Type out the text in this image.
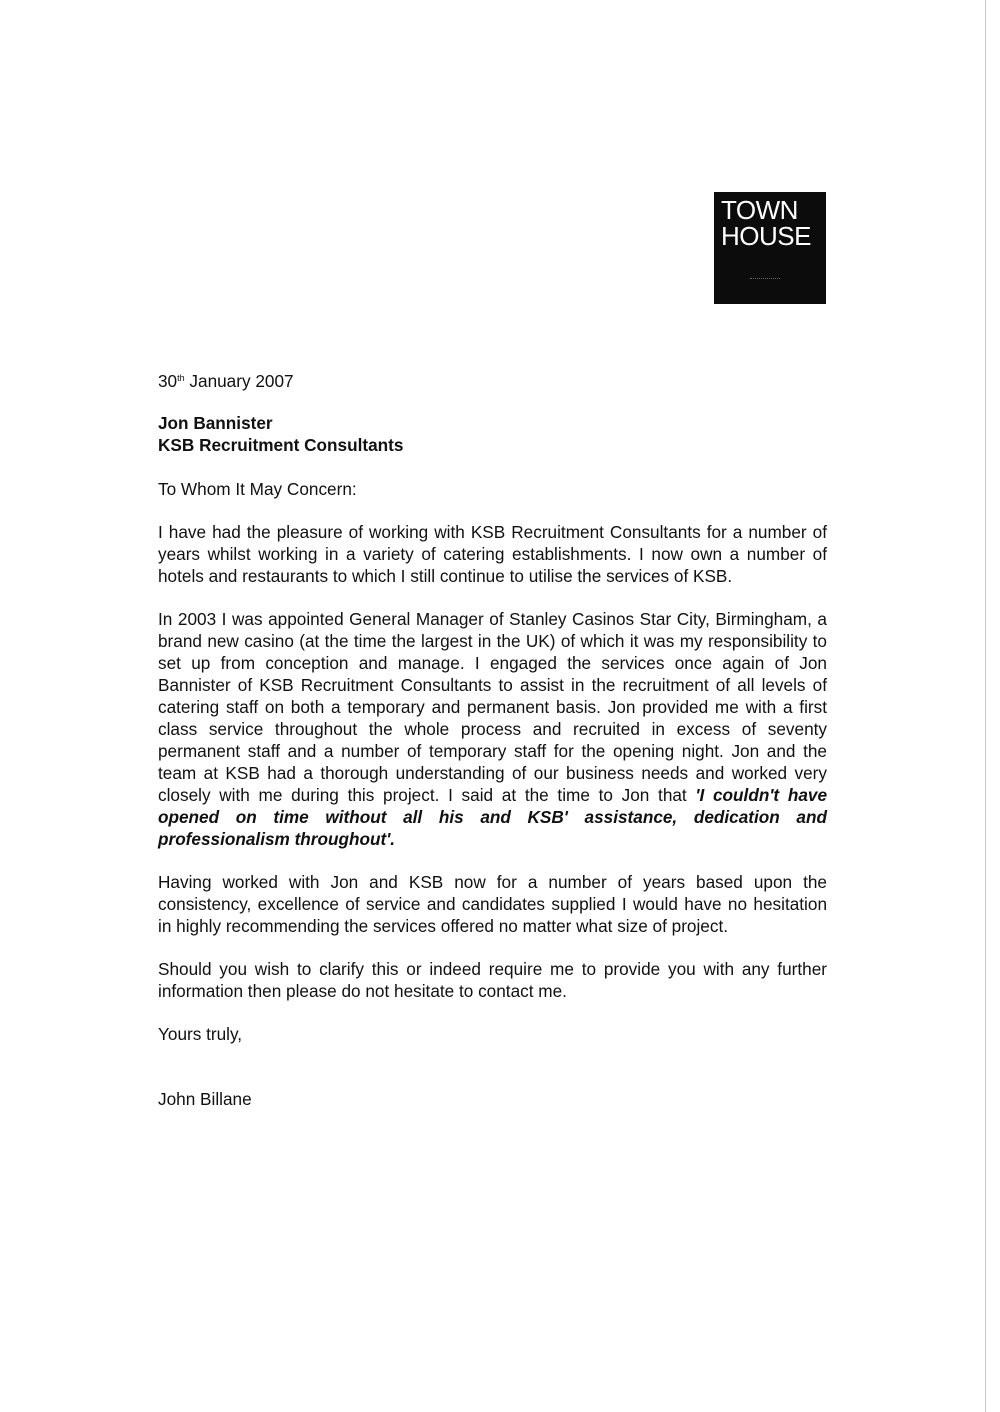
TOWN
HOUSE

30th January 2007

Jon Bannister
KSB Recruitment Consultants

To Whom It May Concern:

I have had the pleasure of working with KSB Recruitment Consultants for a number of years whilst working in a variety of catering establishments. I now own a number of hotels and restaurants to which I still continue to utilise the services of KSB.

In 2003 I was appointed General Manager of Stanley Casinos Star City, Birmingham, a brand new casino (at the time the largest in the UK) of which it was my responsibility to set up from conception and manage. I engaged the services once again of Jon Bannister of KSB Recruitment Consultants to assist in the recruitment of all levels of catering staff on both a temporary and permanent basis. Jon provided me with a first class service throughout the whole process and recruited in excess of seventy permanent staff and a number of temporary staff for the opening night. Jon and the team at KSB had a thorough understanding of our business needs and worked very closely with me during this project. I said at the time to Jon that 'I couldn't have opened on time without all his and KSB' assistance, dedication and professionalism throughout'.

Having worked with Jon and KSB now for a number of years based upon the consistency, excellence of service and candidates supplied I would have no hesitation in highly recommending the services offered no matter what size of project.

Should you wish to clarify this or indeed require me to provide you with any further information then please do not hesitate to contact me.

Yours truly,

John Billane
